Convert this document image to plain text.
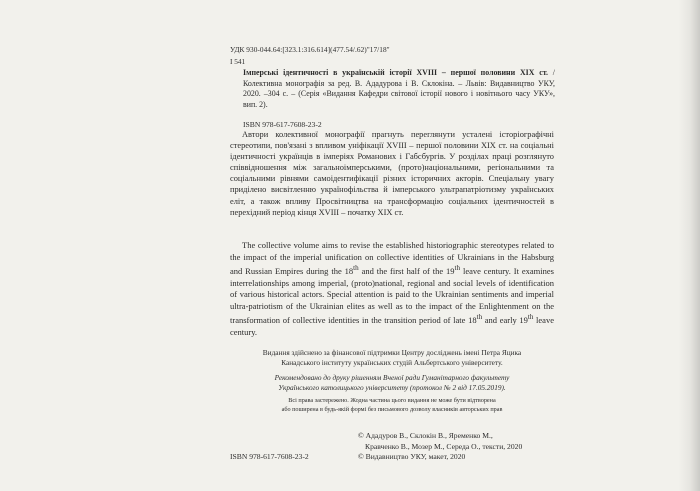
УДК 930-044.64:[323.1:316.614](477.54/.62)"17/18"
І 541
Імперські ідентичності в українській історії XVIII – першої половини XIX ст. / Колективна монографія за ред. В. Ададурова і В. Склокіна. – Львів: Видавництво УКУ, 2020. –304 с. – (Серія «Видання Кафедри світової історії нового і новітнього часу УКУ», вип. 2).
ISBN 978-617-7608-23-2
Автори колективної монографії прагнуть переглянути усталені історіографічні стереотипи, пов'язані з впливом уніфікації XVIII – першої половини XIX ст. на соціальні ідентичності українців в імперіях Романових і Габсбургів. У розділах праці розглянуто співвідношення між загальноімперськими, (прото)національними, регіональними та соціальними рівнями самоідентифікації різних історичних акторів. Спеціальну увагу приділено висвітленню українофільства й імперського ультрапатріотизму українських еліт, а також впливу Просвітництва на трансформацію соціальних ідентичностей в перехідний період кінця XVIII – початку XIX ст.
The collective volume aims to revise the established historiographic stereotypes related to the impact of the imperial unification on collective identities of Ukrainians in the Habsburg and Russian Empires during the 18th and the first half of the 19th leave century. It examines interrelationships among imperial, (proto)national, regional and social levels of identification of various historical actors. Special attention is paid to the Ukrainian sentiments and imperial ultra-patriotism of the Ukrainian elites as well as to the impact of the Enlightenment on the transformation of collective identities in the transition period of late 18th and early 19th leave century.
Видання здійснено за фінансової підтримки Центру досліджень імені Петра Яцика
Канадського інституту українських студій Альбертського університету.
Рекомендовано до друку рішенням Вченої ради Гуманітарного факультету
Українського католицького університету (протокол № 2 від 17.05.2019).
Всі права застережено. Жодна частина цього видання не може бути відтворена
або поширена в будь-якій формі без письмового дозволу власників авторських прав
ISBN 978-617-7608-23-2
© Ададуров В., Склокін В., Яременко М.,
Кравченко В., Мозер М., Середа О., тексти, 2020
© Видавництво УКУ, макет, 2020
